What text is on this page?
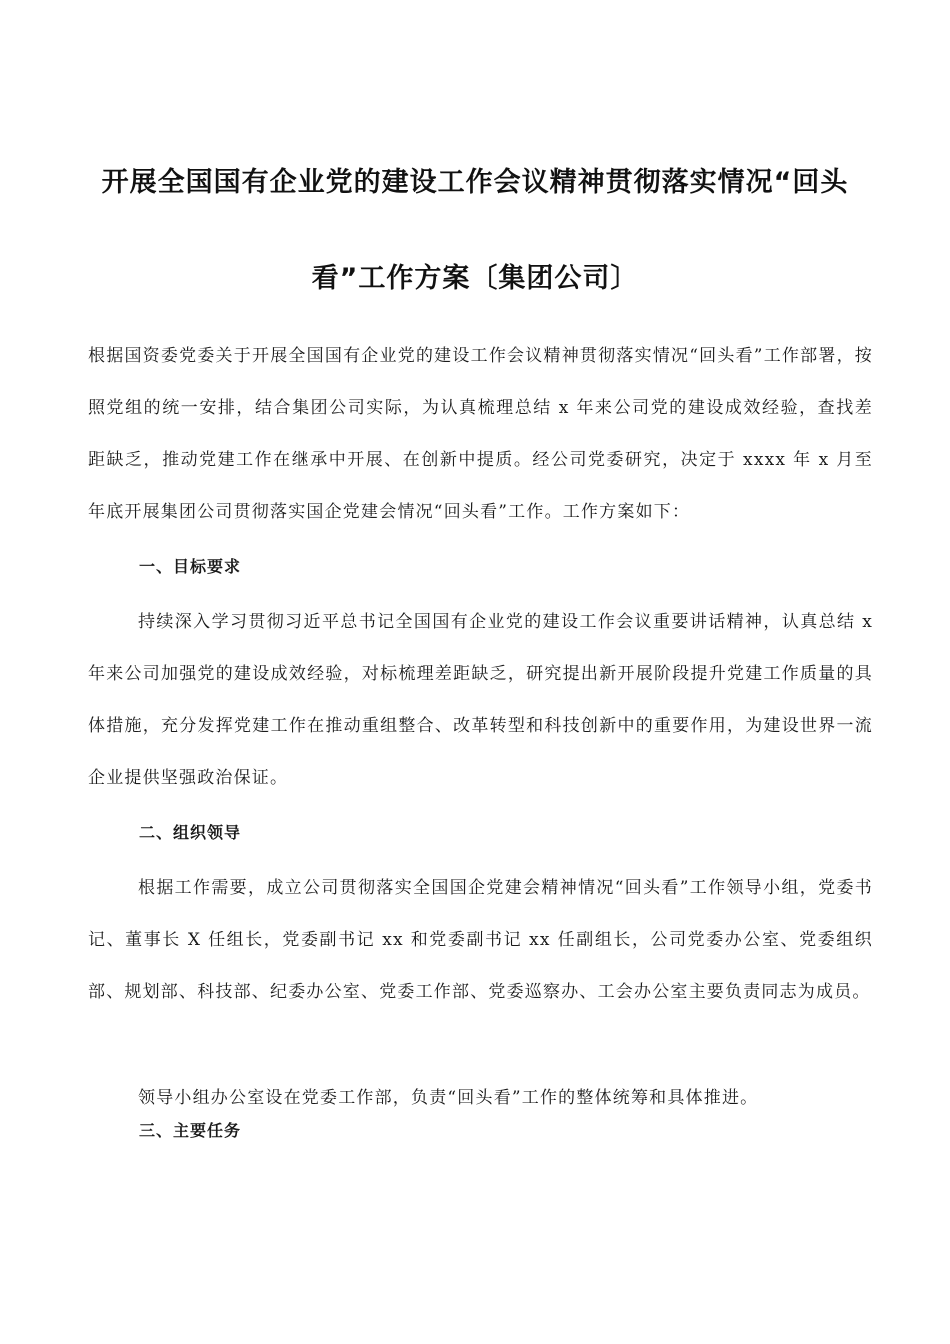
开展全国国有企业党的建设工作会议精神贯彻落实情况“回头
看”工作方案〔集团公司〕

根据国资委党委关于开展全国国有企业党的建设工作会议精神贯彻落实情况“回头看”工作部署，按照党组的统一安排，结合集团公司实际，为认真梳理总结 x 年来公司党的建设成效经验，查找差距缺乏，推动党建工作在继承中开展、在创新中提质。经公司党委研究，决定于 xxxx 年 x 月至年底开展集团公司贯彻落实国企党建会情况“回头看”工作。工作方案如下：

一、目标要求

持续深入学习贯彻习近平总书记全国国有企业党的建设工作会议重要讲话精神，认真总结 x 年来公司加强党的建设成效经验，对标梳理差距缺乏，研究提出新开展阶段提升党建工作质量的具体措施，充分发挥党建工作在推动重组整合、改革转型和科技创新中的重要作用，为建设世界一流企业提供坚强政治保证。

二、组织领导

根据工作需要，成立公司贯彻落实全国国企党建会精神情况“回头看”工作领导小组，党委书记、董事长 X 任组长，党委副书记 xx 和党委副书记 xx 任副组长，公司党委办公室、党委组织部、规划部、科技部、纪委办公室、党委工作部、党委巡察办、工会办公室主要负责同志为成员。

领导小组办公室设在党委工作部，负责“回头看”工作的整体统筹和具体推进。

三、主要任务
